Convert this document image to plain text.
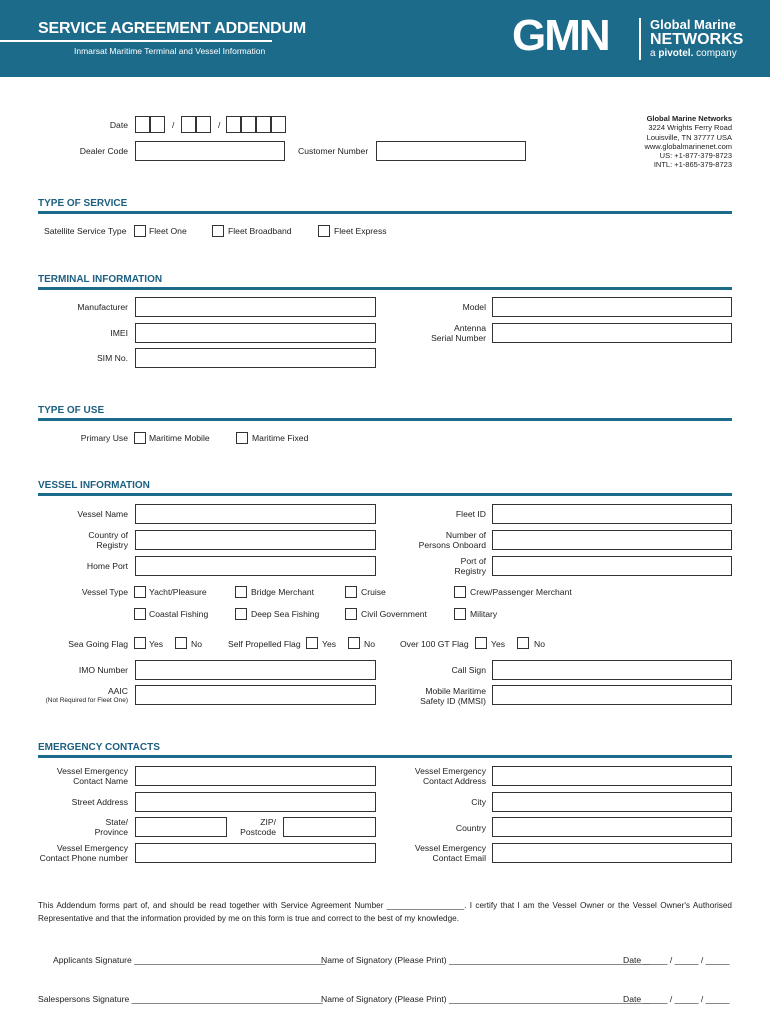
SERVICE AGREEMENT ADDENDUM
Inmarsat Maritime Terminal and Vessel Information	GMN	Global Marine
NETWORKS
a pivotel. company
Global Marine Networks
3224 Wrights Ferry Road
Louisville, TN 37777 USA
www.globalmarinenet.com
US: +1-877-379-8723
INTL: +1-865-379-8723
Date	/	/
Dealer Code	Customer Number
TYPE OF SERVICE
Satellite Service Type	Fleet One	Fleet Broadband	Fleet Express
TERMINAL INFORMATION
Manufacturer	Model
IMEI	Antenna
Serial Number
SIM No.
TYPE OF USE
Primary Use Maritime Mobile	Maritime Fixed
VESSEL INFORMATION
Vessel Name	Fleet ID
Country of
Registry
Number of
Persons Onboard
Home Port	Port of
Registry
Vessel Type Yacht/Pleasure	Bridge Merchant	Cruise	Crew/Passenger Merchant
Coastal Fishing	Deep Sea Fishing	Civil Government	Military
Sea Going Flag Yes	No	Self Propelled Flag Yes	No	Over 100 GT Flag	Yes	No
IMO Number	Call Sign
AAIC
(Not Required for Fleet One)
Mobile Maritime
Safety ID (MMSI)
EMERGENCY CONTACTS
Vessel Emergency
Contact Name
Vessel Emergency
Contact Address
Street Address	City
State/
Province
ZIP/
Postcode	Country
Vessel Emergency
Contact Phone number
Vessel Emergency
Contact Email
This Addendum forms part of, and should be read together with Service Agreement Number _________________. I certify that I am the Vessel Owner or the Vessel Owner's Authorised Representative and that the information provided by me on this form is true and correct to the best of my knowledge.
Applicants Signature ________________________________________
Name of Signatory (Please Print) __________________________________________
Date _____ / _____ / _____
Salespersons Signature ________________________________________
Name of Signatory (Please Print) __________________________________________
Date _____ / _____ / _____
